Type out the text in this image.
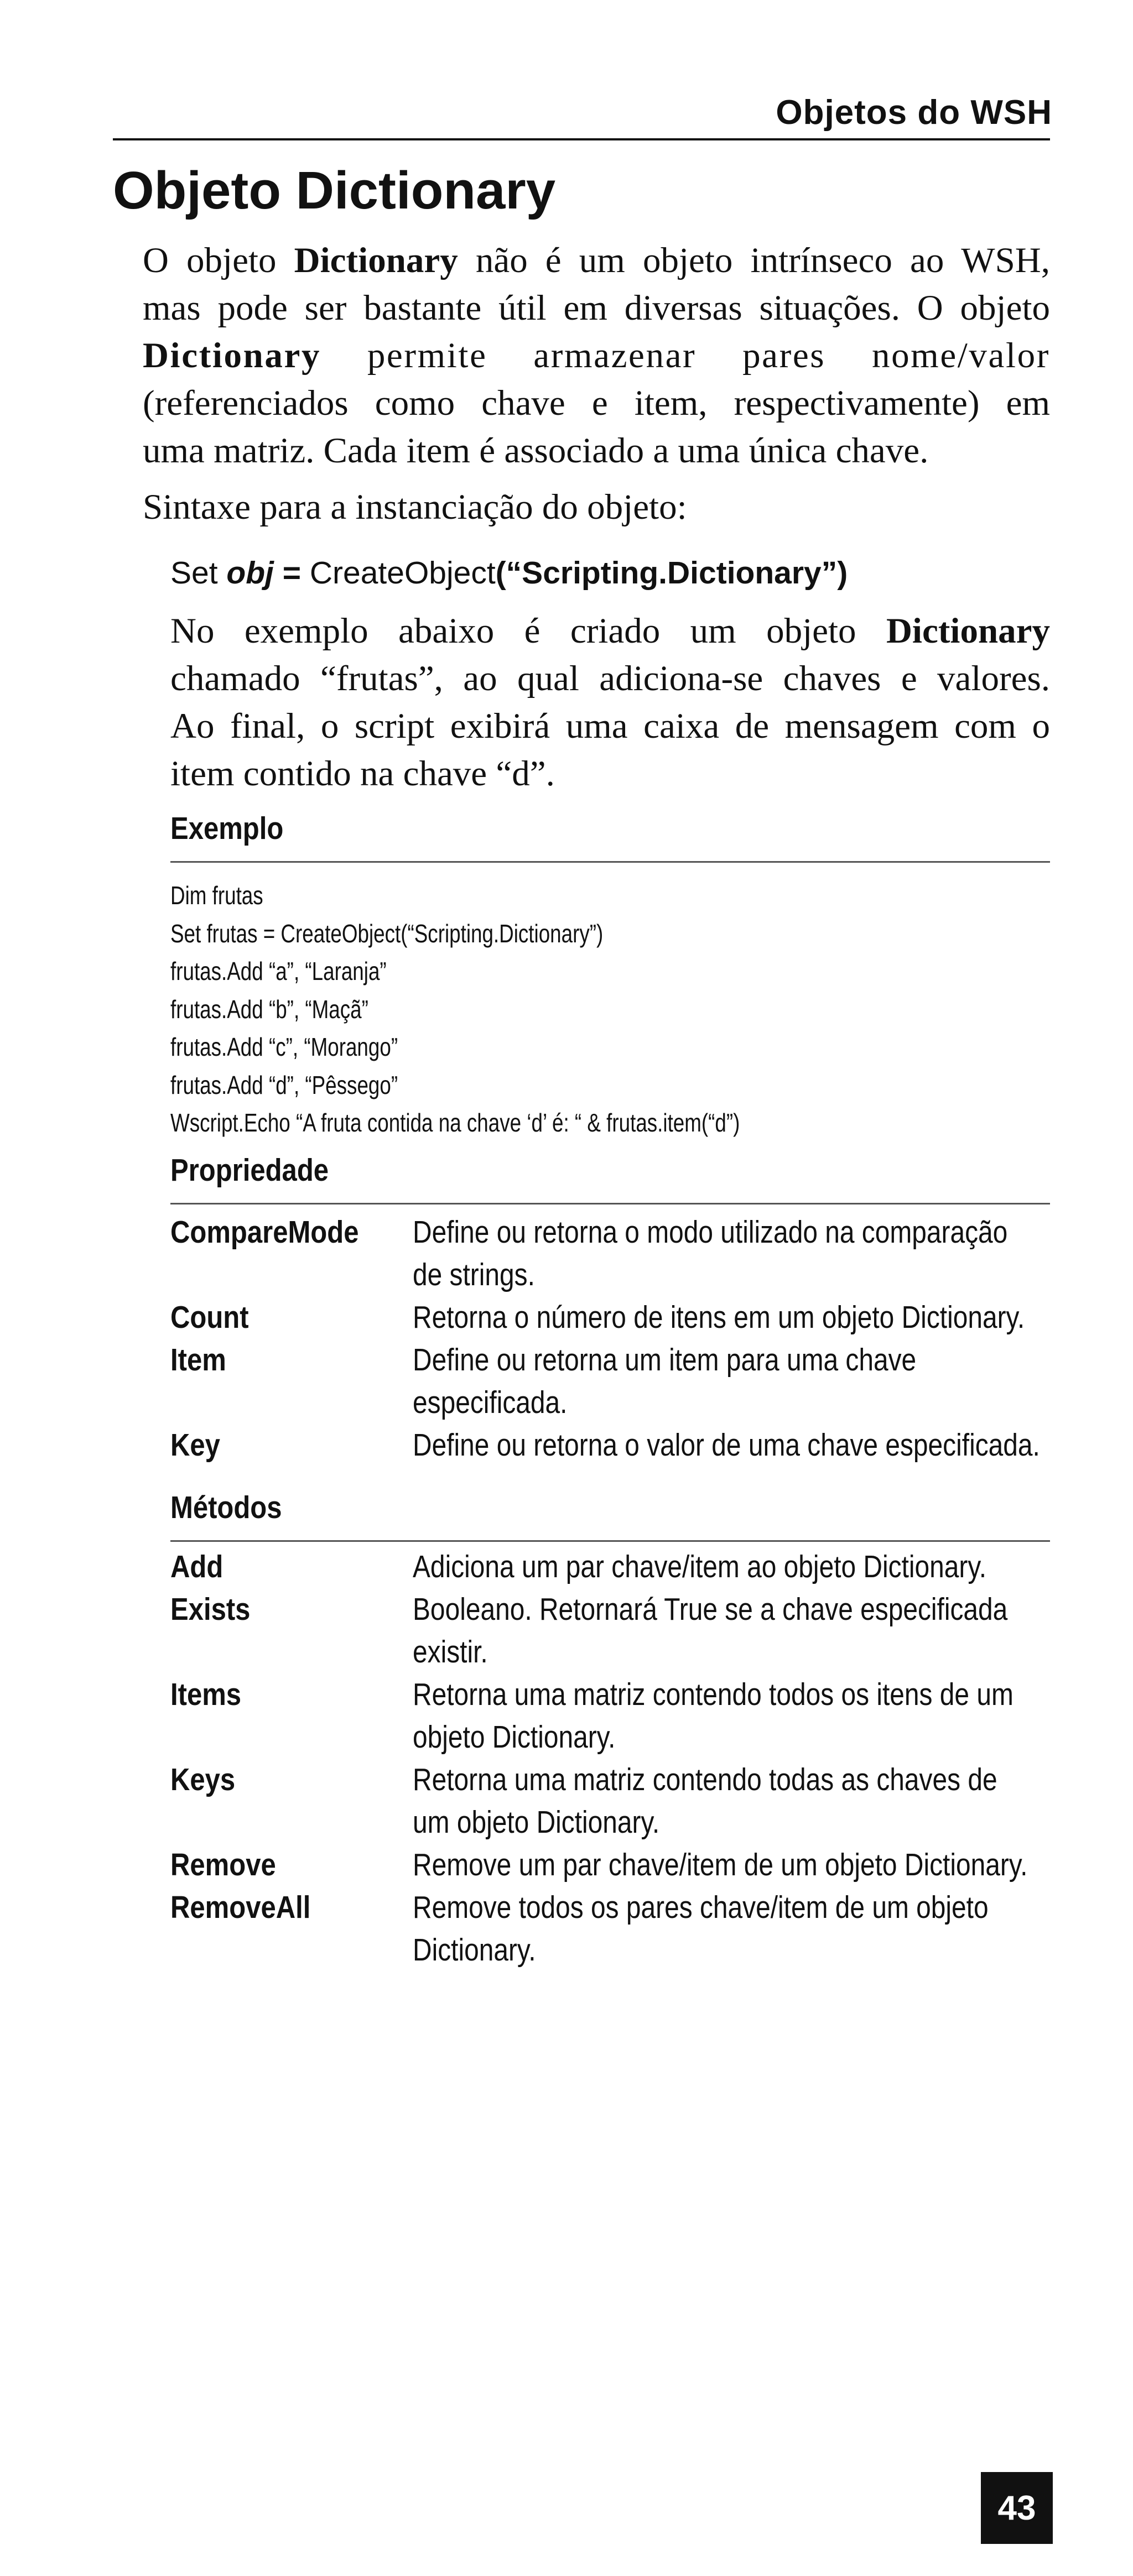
Objetos do WSH
Objeto Dictionary
O objeto Dictionary não é um objeto intrínseco ao WSH,
mas pode ser bastante útil em diversas situações. O objeto
Dictionary permite armazenar pares nome/valor
(referenciados como chave e item, respectivamente) em
uma matriz. Cada item é associado a uma única chave.
Sintaxe para a instanciação do objeto:
Set obj = CreateObject(“Scripting.Dictionary”)
No exemplo abaixo é criado um objeto Dictionary
chamado “frutas”, ao qual adiciona-se chaves e valores.
Ao final, o script exibirá uma caixa de mensagem com o
item contido na chave “d”.
Exemplo
Dim frutas
Set frutas = CreateObject(“Scripting.Dictionary”)
frutas.Add “a”, “Laranja”
frutas.Add “b”, “Maçã”
frutas.Add “c”, “Morango”
frutas.Add “d”, “Pêssego”
Wscript.Echo “A fruta contida na chave ‘d’ é: “ & frutas.item(“d”)
Propriedade
CompareMode Define ou retorna o modo utilizado na comparação
de strings.
Count	Retorna o número de itens em um objeto Dictionary.
Item	Define ou retorna um item para uma chave
especificada.
Key	Define ou retorna o valor de uma chave especificada.
Métodos
Add	Adiciona um par chave/item ao objeto Dictionary.
Exists	Booleano. Retornará True se a chave especificada
existir.
Items	Retorna uma matriz contendo todos os itens de um
objeto Dictionary.
Keys	Retorna uma matriz contendo todas as chaves de
um objeto Dictionary.
Remove	Remove um par chave/item de um objeto Dictionary.
RemoveAll	Remove todos os pares chave/item de um objeto
Dictionary.
43
